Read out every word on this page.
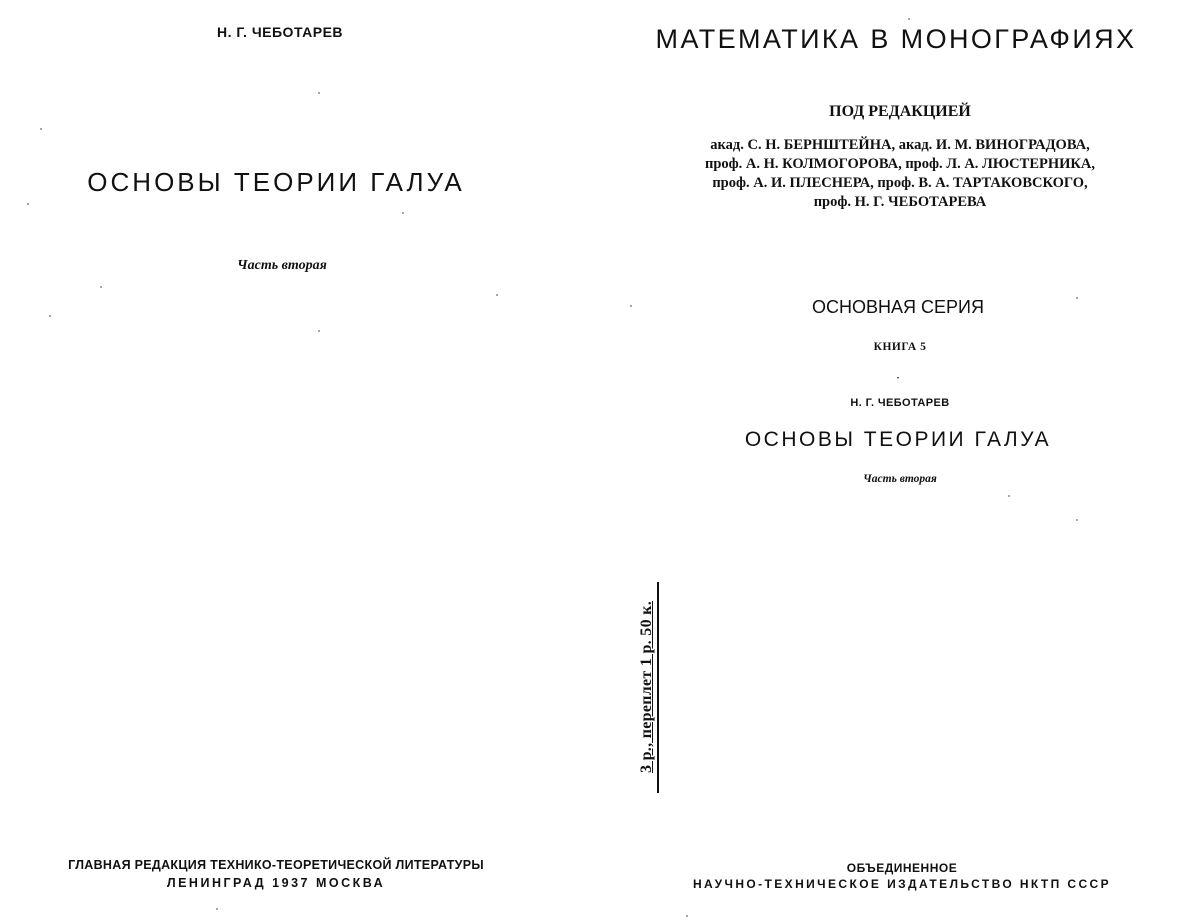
Н. Г. ЧЕБОТАРЕВ
ОСНОВЫ ТЕОРИИ ГАЛУА
Часть вторая
ГЛАВНАЯ РЕДАКЦИЯ ТЕХНИКО-ТЕОРЕТИЧЕСКОЙ ЛИТЕРАТУРЫ
ЛЕНИНГРАД 1937 МОСКВА
МАТЕМАТИКА В МОНОГРАФИЯХ
ПОД РЕДАКЦИЕЙ
акад. С. Н. БЕРНШТЕЙНА, акад. И. М. ВИНОГРАДОВА,
проф. А. Н. КОЛМОГОРОВА, проф. Л. А. ЛЮСТЕРНИКА,
проф. А. И. ПЛЕСНЕРА, проф. В. А. ТАРТАКОВСКОГО,
проф. Н. Г. ЧЕБОТАРЕВА
ОСНОВНАЯ СЕРИЯ
КНИГА 5
·
Н. Г. ЧЕБОТАРЕВ
ОСНОВЫ ТЕОРИИ ГАЛУА
Часть вторая
3 р., переплет 1 р. 50 к.
ОБЪЕДИНЕННОЕ
НАУЧНО-ТЕХНИЧЕСКОЕ ИЗДАТЕЛЬСТВО НКТП СССР
